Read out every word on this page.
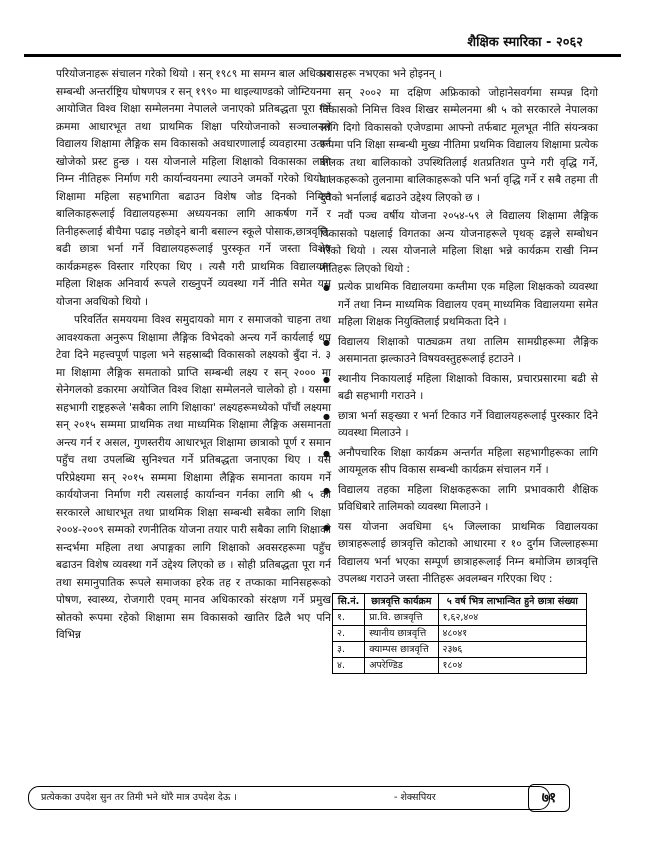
शैक्षिक स्मारिका - २०६२

परियोजनाहरू संचालन गरेको थियो । सन् १९८९ मा समग्न बाल अधिकार सम्बन्धी अन्तर्राष्ट्रिय घोषणपत्र र सन् १९९० मा थाइल्याण्डको जोम्टियनमा आयोजित विश्व शिक्षा सम्मेलनमा नेपालले जनाएको प्रतिबद्धता पूरा गर्ने क्रममा आधारभूत तथा प्राथमिक शिक्षा परियोजनाको सञ्चालनले विद्यालय शिक्षामा लैङ्गिक सम विकासको अवधारणालाई व्यवहारमा उतार्न खोजेको प्रस्ट हुन्छ । यस योजनाले महिला शिक्षाको विकासका लागि निम्न नीतिहरू निर्माण गरी कार्यान्वयनमा ल्याउने जमर्को गरेको थियो । शिक्षामा महिला सहभागिता बढाउन विशेष जोड दिनको निमित्त बालिकाहरूलाई विद्यालयहरूमा अध्ययनका लागि आकर्षण गर्ने र तिनीहरूलाई बीचैमा पढाइ नछोड्ने बानी बसाल्न स्कूले पोसाक,छात्रवृत्ति, बढी छात्रा भर्ना गर्ने विद्यालयहरूलाई पुरस्कृत गर्ने जस्ता विशेष कार्यक्रमहरू विस्तार गरिएका थिए । त्यसै गरी प्राथमिक विद्यालयमा महिला शिक्षक अनिवार्य रूपले राख्नुपर्ने व्यवस्था गर्ने नीति समेत यस योजना अवधिको थियो ।

परिवर्तित समययमा विश्व समुदायको माग र समाजको चाहना तथा आवश्यकता अनुरूप शिक्षामा लैङ्गिक विभेदको अन्त्य गर्ने कार्यलाई थप टेवा दिने महत्त्वपूर्ण पाइला भने सहस्राब्दी विकासको लक्ष्यको बुँदा नं. ३ मा शिक्षामा लैङ्गिक समताको प्राप्ति सम्बन्धी लक्ष्य र सन् २००० मा सेनेगलको डकारमा अयोजित विश्व शिक्षा सम्मेलनले चालेको हो । यसमा सहभागी राष्ट्रहरूले 'सबैका लागि शिक्षाका' लक्ष्यहरूमध्येको पाँचौं लक्ष्यमा सन् २०१५ सम्ममा प्राथमिक तथा माध्यमिक शिक्षामा लैङ्गिक असमानता अन्त्य गर्न र असल, गुणस्तरीय आधारभूत शिक्षामा छात्राको पूर्ण र समान पहुँच तथा उपलब्धि सुनिश्चत गर्ने प्रतिबद्धता जनाएका थिए । यसै परिप्रेक्ष्यमा सन् २०१५ सम्ममा शिक्षामा लैङ्गिक समानता कायम गर्ने कार्ययोजना निर्माण गरी त्यसलाई कार्यान्वन गर्नका लागि श्री ५ को सरकारले आधारभूत तथा प्राथमिक शिक्षा सम्बन्धी सबैका लागि शिक्षा २००४-२००९ सम्मको रणनीतिक योजना तयार पारी सबैका लागि शिक्षाको सन्दर्भमा महिला तथा अपाङ्गका लागि शिक्षाको अवसरहरूमा पहुँच बढाउन विशेष व्यवस्था गर्ने उद्देश्य लिएको छ । सोही प्रतिबद्धता पूरा गर्न तथा समानुपातिक रूपले समाजका हरेक तह र तप्काका मानिसहरूको पोषण, स्वास्थ्य, रोजगारी एवम् मानव अधिकारको संरक्षण गर्ने प्रमुख स्रोतको रूपमा रहेको शिक्षामा सम विकासको खातिर ढिलै भए पनि विभिन्न

प्रयासहरू नभएका भने होइनन् ।

सन् २००२ मा दक्षिण अफ्रिकाको जोहानेसवर्गमा सम्पन्न दिगो विकासको निमित्त विश्व शिखर सम्मेलनमा श्री ५ को सरकारले नेपालका लागि दिगो विकासको एजेण्डामा आफ्नो तर्फबाट मूलभूत नीति संयन्त्रका रूपमा पनि शिक्षा सम्बन्धी मुख्य नीतिमा प्रथमिक विद्यालय शिक्षामा प्रत्येक बालक तथा बालिकाको उपस्थितिलाई शतप्रतिशत पुग्ने गरी वृद्धि गर्ने, बालकहरूको तुलनामा बालिकाहरूको पनि भर्ना वृद्धि गर्ने र सबै तहमा ती दुवैको भर्नालाई बढाउने उद्देश्य लिएको छ ।

नवौं पञ्च वर्षीय योजना २०५४-५९ ले विद्यालय शिक्षामा लैङ्गिक विकासको पक्षलाई विगतका अन्य योजनाहरूले पृथक् ढङ्गले सम्बोधन गरेको थियो । त्यस योजनाले महिला शिक्षा भन्ने कार्यक्रम राखी निम्न नीतिहरू लिएको थियो :

● प्रत्येक प्राथमिक विद्यालयमा कम्तीमा एक महिला शिक्षकको व्यवस्था गर्ने तथा निम्न माध्यमिक विद्यालय एवम् माध्यमिक विद्यालयमा समेत महिला शिक्षक नियुक्तिलाई प्रथमिकता दिने ।
● विद्यालय शिक्षाको पाठ्यक्रम तथा तालिम सामग्रीहरूमा लैङ्गिक असमानता झल्काउने विषयवस्तुहरूलाई हटाउने ।
● स्थानीय निकायलाई महिला शिक्षाको विकास, प्रचारप्रसारमा बढी से बढी सहभागी गराउने ।
● छात्रा भर्ना सङ्ख्या र भर्ना टिकाउ गर्ने विद्यालयहरूलाई पुरस्कार दिने व्यवस्था मिलाउने ।
● अनौपचारिक शिक्षा कार्यक्रम अन्तर्गत महिला सहभागीहरूका लागि आयमूलक सीप विकास सम्बन्धी कार्यक्रम संचालन गर्ने ।
● विद्यालय तहका महिला शिक्षकहरूका लागि प्रभावकारी शैक्षिक प्रविधिबारे तालिमको व्यवस्था मिलाउने ।
● यस योजना अवधिमा ६५ जिल्लाका प्राथमिक विद्यालयका छात्राहरूलाई छात्रवृत्ति कोटाको आधारमा र १० दुर्गम जिल्लाहरूमा विद्यालय भर्ना भएका सम्पूर्ण छात्राहरूलाई निम्न बमोजिम छात्रवृत्ति उपलब्ध गराउने जस्ता नीतिहरू अवलम्बन गरिएका थिए :
सि.नं.	छात्रवृत्ति कार्यक्रम	५ वर्ष भित्र लाभान्वित हुने छात्रा संख्या
१.	प्रा.वि. छात्रवृत्ति	१,६२,४०४
२.	स्थानीय छात्रवृत्ति	४८०४१
३.	क्याम्पस छात्रवृत्ति	२३७६
४.	अपरेण्डिड	१८०४
प्रत्येकका उपदेश सुन तर तिमी भने थोरै मात्र उपदेश देऊ ।	- शेक्सपियर	७१
